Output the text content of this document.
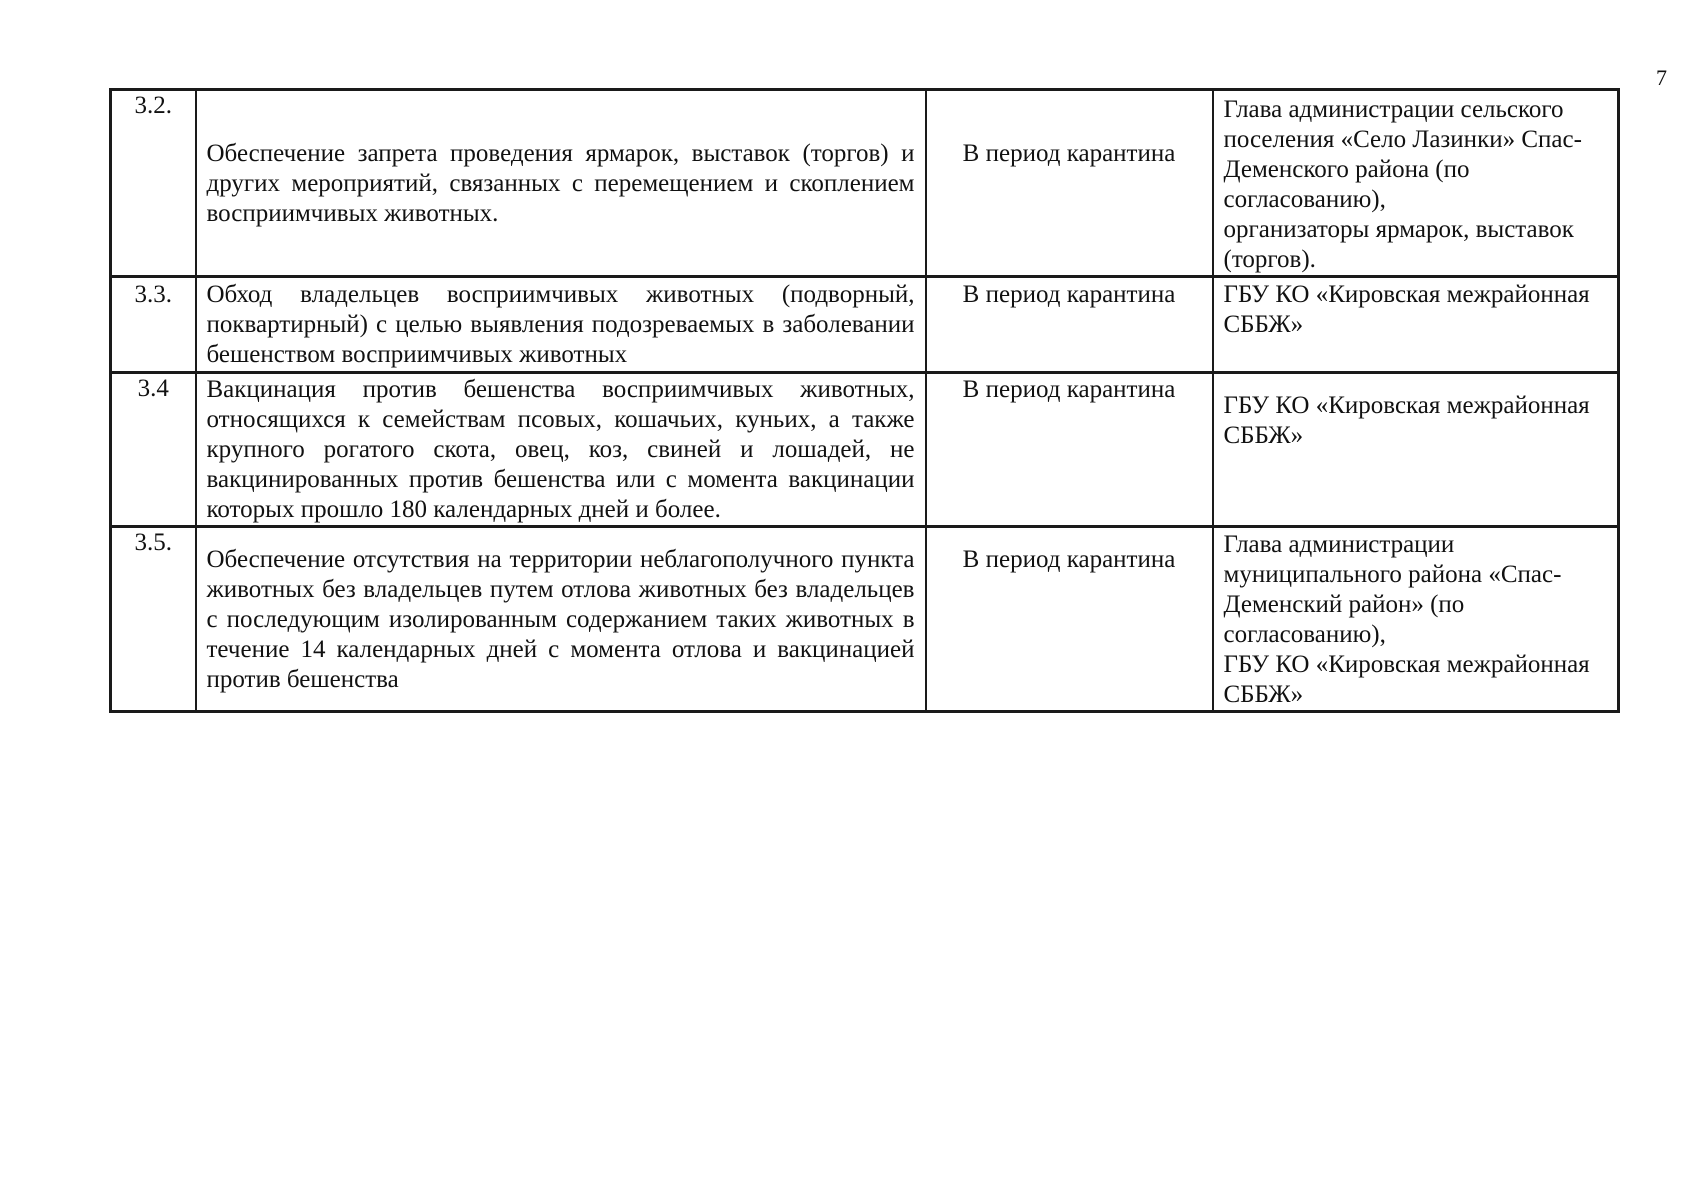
7
3.2.	Обеспечение запрета проведения ярмарок, выставок (торгов) и других мероприятий, связанных с перемещением и скоплением восприимчивых животных.	В период карантина	Глава администрации сельского поселения «Село Лазинки» Спас-Деменского района (по согласованию),
организаторы ярмарок, выставок (торгов).

3.3.	Обход владельцев восприимчивых животных (подворный, поквартирный) с целью выявления подозреваемых в заболевании бешенством восприимчивых животных	В период карантина	ГБУ КО «Кировская межрайонная СББЖ»

3.4	Вакцинация против бешенства восприимчивых животных, относящихся к семействам псовых, кошачьих, куньих, а также крупного рогатого скота, овец, коз, свиней и лошадей, не вакцинированных против бешенства или с момента вакцинации которых прошло 180 календарных дней и более.	В период карантина	ГБУ КО «Кировская межрайонная СББЖ»

3.5.	Обеспечение отсутствия на территории неблагополучного пункта животных без владельцев путем отлова животных без владельцев с последующим изолированным содержанием таких животных в течение 14 календарных дней с момента отлова и вакцинацией против бешенства	В период карантина	Глава администрации муниципального района «Спас-Деменский район» (по согласованию),
ГБУ КО «Кировская межрайонная СББЖ»
